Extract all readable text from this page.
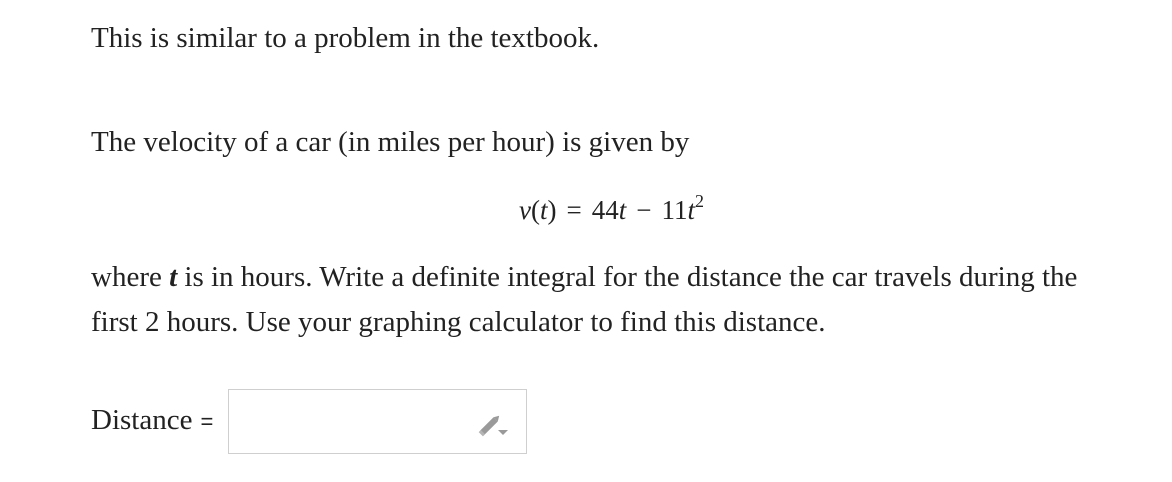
This is similar to a problem in the textbook.

The velocity of a car (in miles per hour) is given by

$v(t) = 44t - 11t^2$

where t is in hours. Write a definite integral for the distance the car travels during the
first 2 hours. Use your graphing calculator to find this distance.

Distance =
